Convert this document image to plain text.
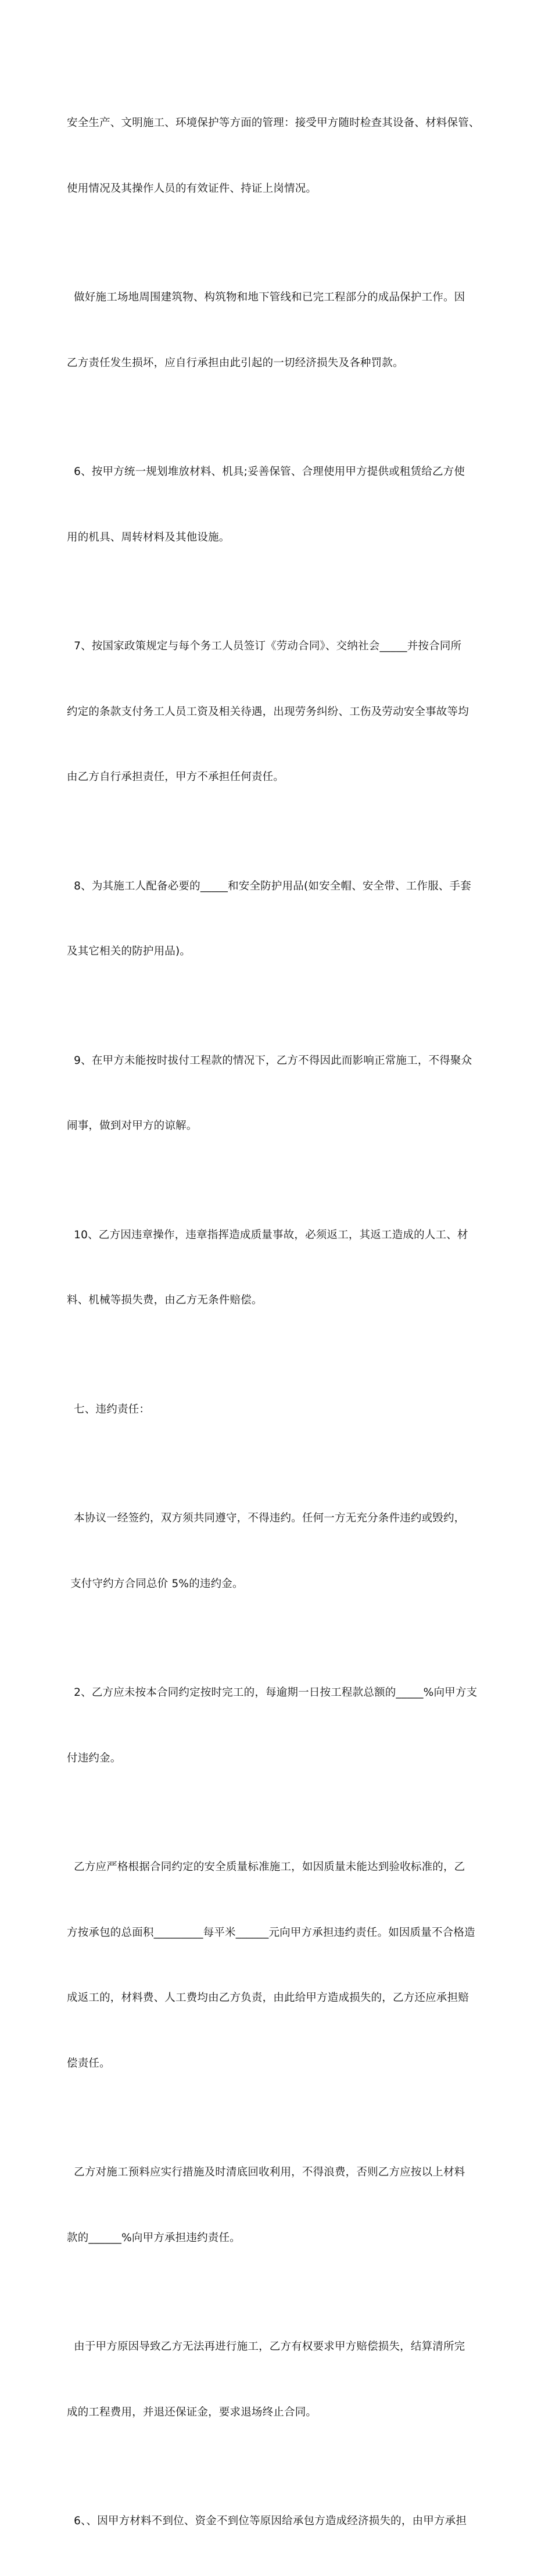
安全生产、文明施工、环境保护等方面的管理：接受甲方随时检查其设备、材料保管、

使用情况及其操作人员的有效证件、持证上岗情况。

做好施工场地周围建筑物、构筑物和地下管线和已完工程部分的成品保护工作。因

乙方责任发生损坏，应自行承担由此引起的一切经济损失及各种罚款。

6、按甲方统一规划堆放材料、机具;妥善保管、合理使用甲方提供或租赁给乙方使

用的机具、周转材料及其他设施。

7、按国家政策规定与每个务工人员签订《劳动合同》、交纳社会_____并按合同所

约定的条款支付务工人员工资及相关待遇，出现劳务纠纷、工伤及劳动安全事故等均

由乙方自行承担责任，甲方不承担任何责任。

8、为其施工人配备必要的_____和安全防护用品(如安全帽、安全带、工作服、手套

及其它相关的防护用品)。

9、在甲方未能按时拔付工程款的情况下，乙方不得因此而影响正常施工，不得聚众

闹事，做到对甲方的谅解。

10、乙方因违章操作，违章指挥造成质量事故，必须返工，其返工造成的人工、材

料、机械等损失费，由乙方无条件赔偿。

七、违约责任：

本协议一经签约，双方须共同遵守，不得违约。任何一方无充分条件违约或毁约，

支付守约方合同总价 5%的违约金。

2、乙方应未按本合同约定按时完工的，每逾期一日按工程款总额的_____%向甲方支

付违约金。

乙方应严格根据合同约定的安全质量标准施工，如因质量未能达到验收标准的，乙

方按承包的总面积_________每平米______元向甲方承担违约责任。如因质量不合格造

成返工的，材料费、人工费均由乙方负责，由此给甲方造成损失的，乙方还应承担赔

偿责任。

乙方对施工预料应实行措施及时清底回收利用，不得浪费，否则乙方应按以上材料

款的______%向甲方承担违约责任。

由于甲方原因导致乙方无法再进行施工，乙方有权要求甲方赔偿损失，结算清所完

成的工程费用，并退还保证金，要求退场终止合同。

6、、因甲方材料不到位、资金不到位等原因给承包方造成经济损失的，由甲方承担
